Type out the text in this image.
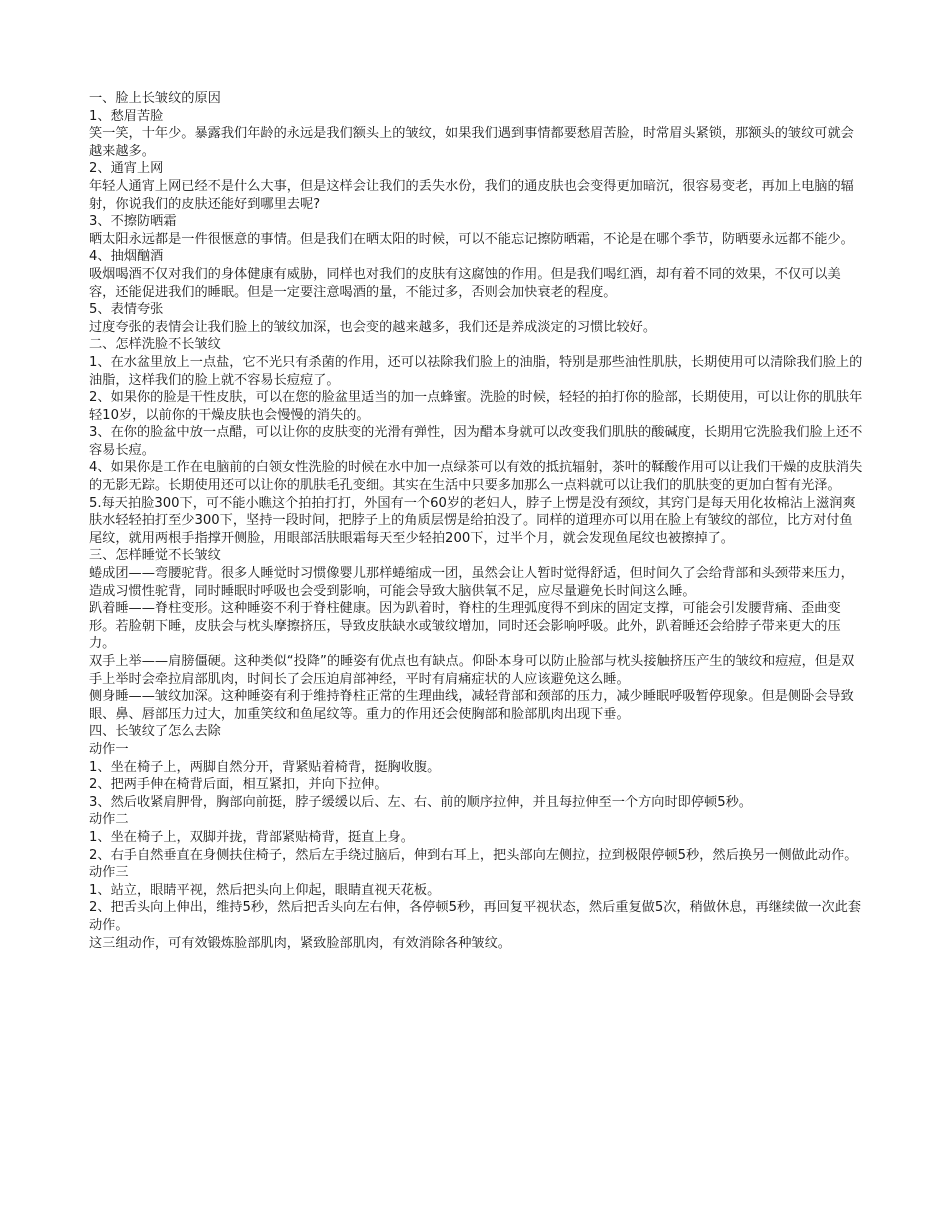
一、脸上长皱纹的原因

1、愁眉苦脸

笑一笑，十年少。暴露我们年龄的永远是我们额头上的皱纹，如果我们遇到事情都要愁眉苦脸，时常眉头紧锁，那额头的皱纹可就会越来越多。

2、通宵上网

年轻人通宵上网已经不是什么大事，但是这样会让我们的丢失水份，我们的通皮肤也会变得更加暗沉，很容易变老，再加上电脑的辐射，你说我们的皮肤还能好到哪里去呢?

3、不擦防晒霜

晒太阳永远都是一件很惬意的事情。但是我们在晒太阳的时候，可以不能忘记擦防晒霜，不论是在哪个季节，防晒要永远都不能少。

4、抽烟酗酒

吸烟喝酒不仅对我们的身体健康有威胁，同样也对我们的皮肤有这腐蚀的作用。但是我们喝红酒，却有着不同的效果，不仅可以美容，还能促进我们的睡眠。但是一定要注意喝酒的量，不能过多，否则会加快衰老的程度。

5、表情夸张

过度夸张的表情会让我们脸上的皱纹加深，也会变的越来越多，我们还是养成淡定的习惯比较好。

二、怎样洗脸不长皱纹

1、在水盆里放上一点盐，它不光只有杀菌的作用，还可以祛除我们脸上的油脂，特别是那些油性肌肤，长期使用可以清除我们脸上的油脂，这样我们的脸上就不容易长痘痘了。

2、如果你的脸是干性皮肤，可以在您的脸盆里适当的加一点蜂蜜。洗脸的时候，轻轻的拍打你的脸部，长期使用，可以让你的肌肤年轻10岁，以前你的干燥皮肤也会慢慢的消失的。

3、在你的脸盆中放一点醋，可以让你的皮肤变的光滑有弹性，因为醋本身就可以改变我们肌肤的酸碱度，长期用它洗脸我们脸上还不容易长痘。

4、如果你是工作在电脑前的白领女性洗脸的时候在水中加一点绿茶可以有效的抵抗辐射，茶叶的鞣酸作用可以让我们干燥的皮肤消失的无影无踪。长期使用还可以让你的肌肤毛孔变细。其实在生活中只要多加那么一点料就可以让我们的肌肤变的更加白皙有光泽。

5.每天拍脸300下，可不能小瞧这个拍拍打打，外国有一个60岁的老妇人，脖子上愣是没有颈纹，其窍门是每天用化妆棉沾上滋润爽肤水轻轻拍打至少300下，坚持一段时间，把脖子上的角质层愣是给拍没了。同样的道理亦可以用在脸上有皱纹的部位，比方对付鱼尾纹，就用两根手指撑开侧脸，用眼部活肤眼霜每天至少轻拍200下，过半个月，就会发现鱼尾纹也被擦掉了。

三、怎样睡觉不长皱纹

蜷成团——弯腰驼背。很多人睡觉时习惯像婴儿那样蜷缩成一团，虽然会让人暂时觉得舒适，但时间久了会给背部和头颈带来压力，造成习惯性驼背，同时睡眠时呼吸也会受到影响，可能会导致大脑供氧不足，应尽量避免长时间这么睡。

趴着睡——脊柱变形。这种睡姿不利于脊柱健康。因为趴着时，脊柱的生理弧度得不到床的固定支撑，可能会引发腰背痛、歪曲变形。若脸朝下睡，皮肤会与枕头摩擦挤压，导致皮肤缺水或皱纹增加，同时还会影响呼吸。此外，趴着睡还会给脖子带来更大的压力。

双手上举——肩膀僵硬。这种类似“投降”的睡姿有优点也有缺点。仰卧本身可以防止脸部与枕头接触挤压产生的皱纹和痘痘，但是双手上举时会牵拉肩部肌肉，时间长了会压迫肩部神经，平时有肩痛症状的人应该避免这么睡。

侧身睡——皱纹加深。这种睡姿有利于维持脊柱正常的生理曲线，减轻背部和颈部的压力，减少睡眠呼吸暂停现象。但是侧卧会导致眼、鼻、唇部压力过大，加重笑纹和鱼尾纹等。重力的作用还会使胸部和脸部肌肉出现下垂。

四、长皱纹了怎么去除

动作一

1、坐在椅子上，两脚自然分开，背紧贴着椅背，挺胸收腹。

2、把两手伸在椅背后面，相互紧扣，并向下拉伸。

3、然后收紧肩胛骨，胸部向前挺，脖子缓缓以后、左、右、前的顺序拉伸，并且每拉伸至一个方向时即停顿5秒。

动作二

1、坐在椅子上，双脚并拢，背部紧贴椅背，挺直上身。

2、右手自然垂直在身侧扶住椅子，然后左手绕过脑后，伸到右耳上，把头部向左侧拉，拉到极限停顿5秒，然后换另一侧做此动作。

动作三

1、站立，眼睛平视，然后把头向上仰起，眼睛直视天花板。

2、把舌头向上伸出，维持5秒，然后把舌头向左右伸，各停顿5秒，再回复平视状态，然后重复做5次，稍做休息，再继续做一次此套动作。

这三组动作，可有效锻炼脸部肌肉，紧致脸部肌肉，有效消除各种皱纹。
